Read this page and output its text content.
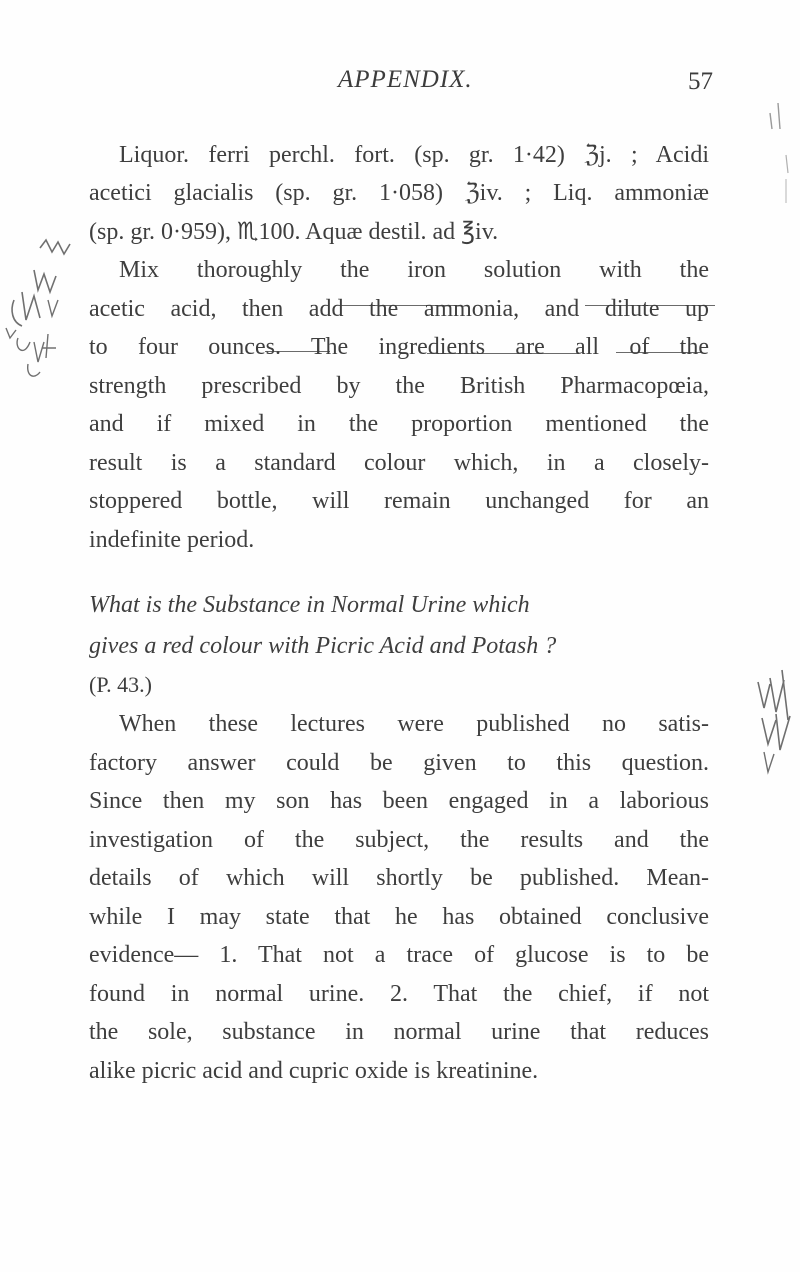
APPENDIX.	57
Liquor. ferri perchl. fort. (sp. gr. 1·42) ℨj. ; Acidi
acetici glacialis (sp. gr. 1·058) ℨiv. ; Liq. ammoniæ
(sp. gr. 0·959), ♏︎100. Aquæ destil. ad ℥iv.
Mix thoroughly the iron solution with the
acetic acid, then add the ammonia, and dilute up
to four ounces. The ingredients are all of the
strength prescribed by the British Pharmacopœia,
and if mixed in the proportion mentioned the
result is a standard colour which, in a closely-
stoppered bottle, will remain unchanged for an
indefinite period.
What is the Substance in Normal Urine which
gives a red colour with Picric Acid and Potash ?
(P. 43.)
When these lectures were published no satis-
factory answer could be given to this question.
Since then my son has been engaged in a laborious
investigation of the subject, the results and the
details of which will shortly be published. Mean-
while I may state that he has obtained conclusive
evidence— 1. That not a trace of glucose is to be
found in normal urine. 2. That the chief, if not
the sole, substance in normal urine that reduces
alike picric acid and cupric oxide is kreatinine.
